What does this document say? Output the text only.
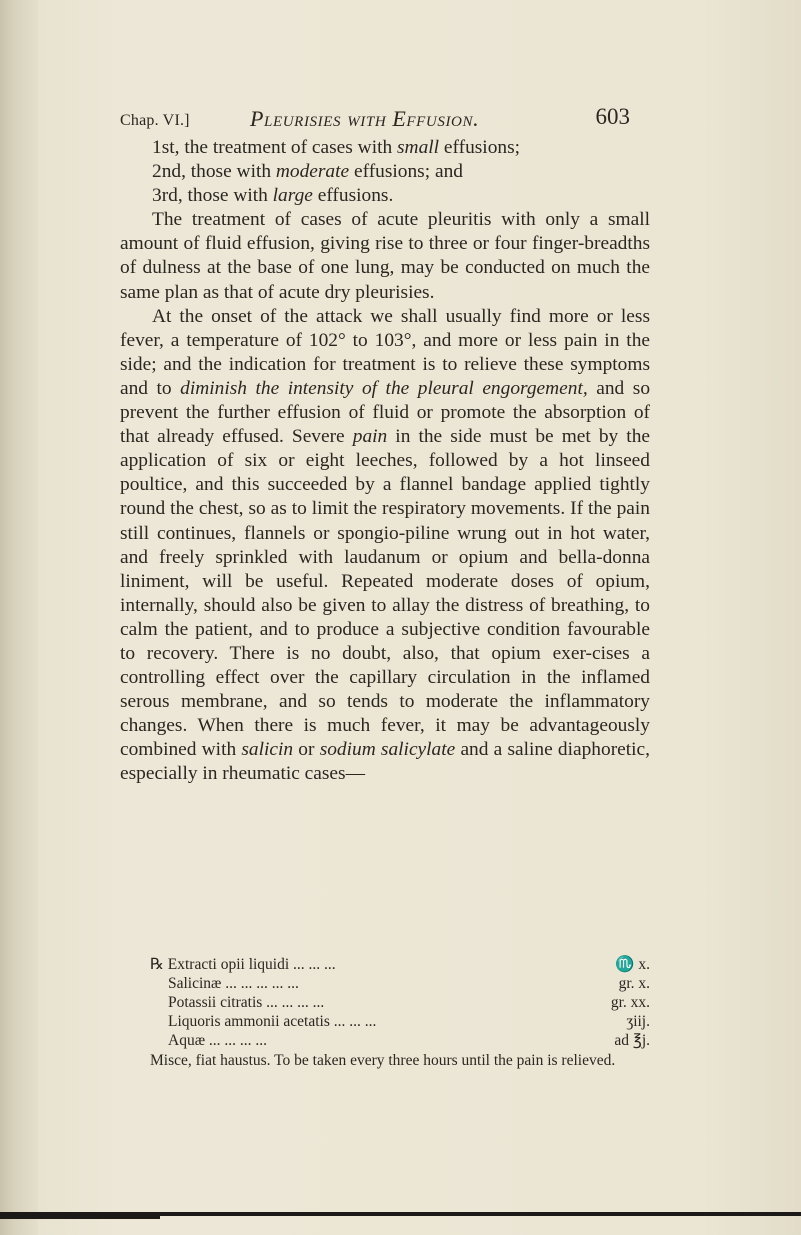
Chap. VI.]	Pleurisies with Effusion.	603
1st, the treatment of cases with small effusions;
2nd, those with moderate effusions; and
3rd, those with large effusions.

The treatment of cases of acute pleuritis with only a small amount of fluid effusion, giving rise to three or four finger-breadths of dulness at the base of one lung, may be conducted on much the same plan as that of acute dry pleurisies.

At the onset of the attack we shall usually find more or less fever, a temperature of 102° to 103°, and more or less pain in the side; and the indication for treatment is to relieve these symptoms and to diminish the intensity of the pleural engorgement, and so prevent the further effusion of fluid or promote the absorption of that already effused. Severe pain in the side must be met by the application of six or eight leeches, followed by a hot linseed poultice, and this succeeded by a flannel bandage applied tightly round the chest, so as to limit the respiratory movements. If the pain still continues, flannels or spongio-piline wrung out in hot water, and freely sprinkled with laudanum or opium and bella-donna liniment, will be useful. Repeated moderate doses of opium, internally, should also be given to allay the distress of breathing, to calm the patient, and to produce a subjective condition favourable to recovery. There is no doubt, also, that opium exer-cises a controlling effect over the capillary circulation in the inflamed serous membrane, and so tends to moderate the inflammatory changes. When there is much fever, it may be advantageously combined with salicin or sodium salicylate and a saline diaphoretic, especially in rheumatic cases—

℞ Extracti opii liquidi ... ... ...	♏ x.
Salicinæ ... ... ... ... ...	gr. x.
Potassii citratis ... ... ... ...	gr. xx.
Liquoris ammonii acetatis ... ... ...	ʒiij.
Aquæ ... ... ... ...	ad ℥j.
Misce, fiat haustus. To be taken every three hours until the pain is relieved.
